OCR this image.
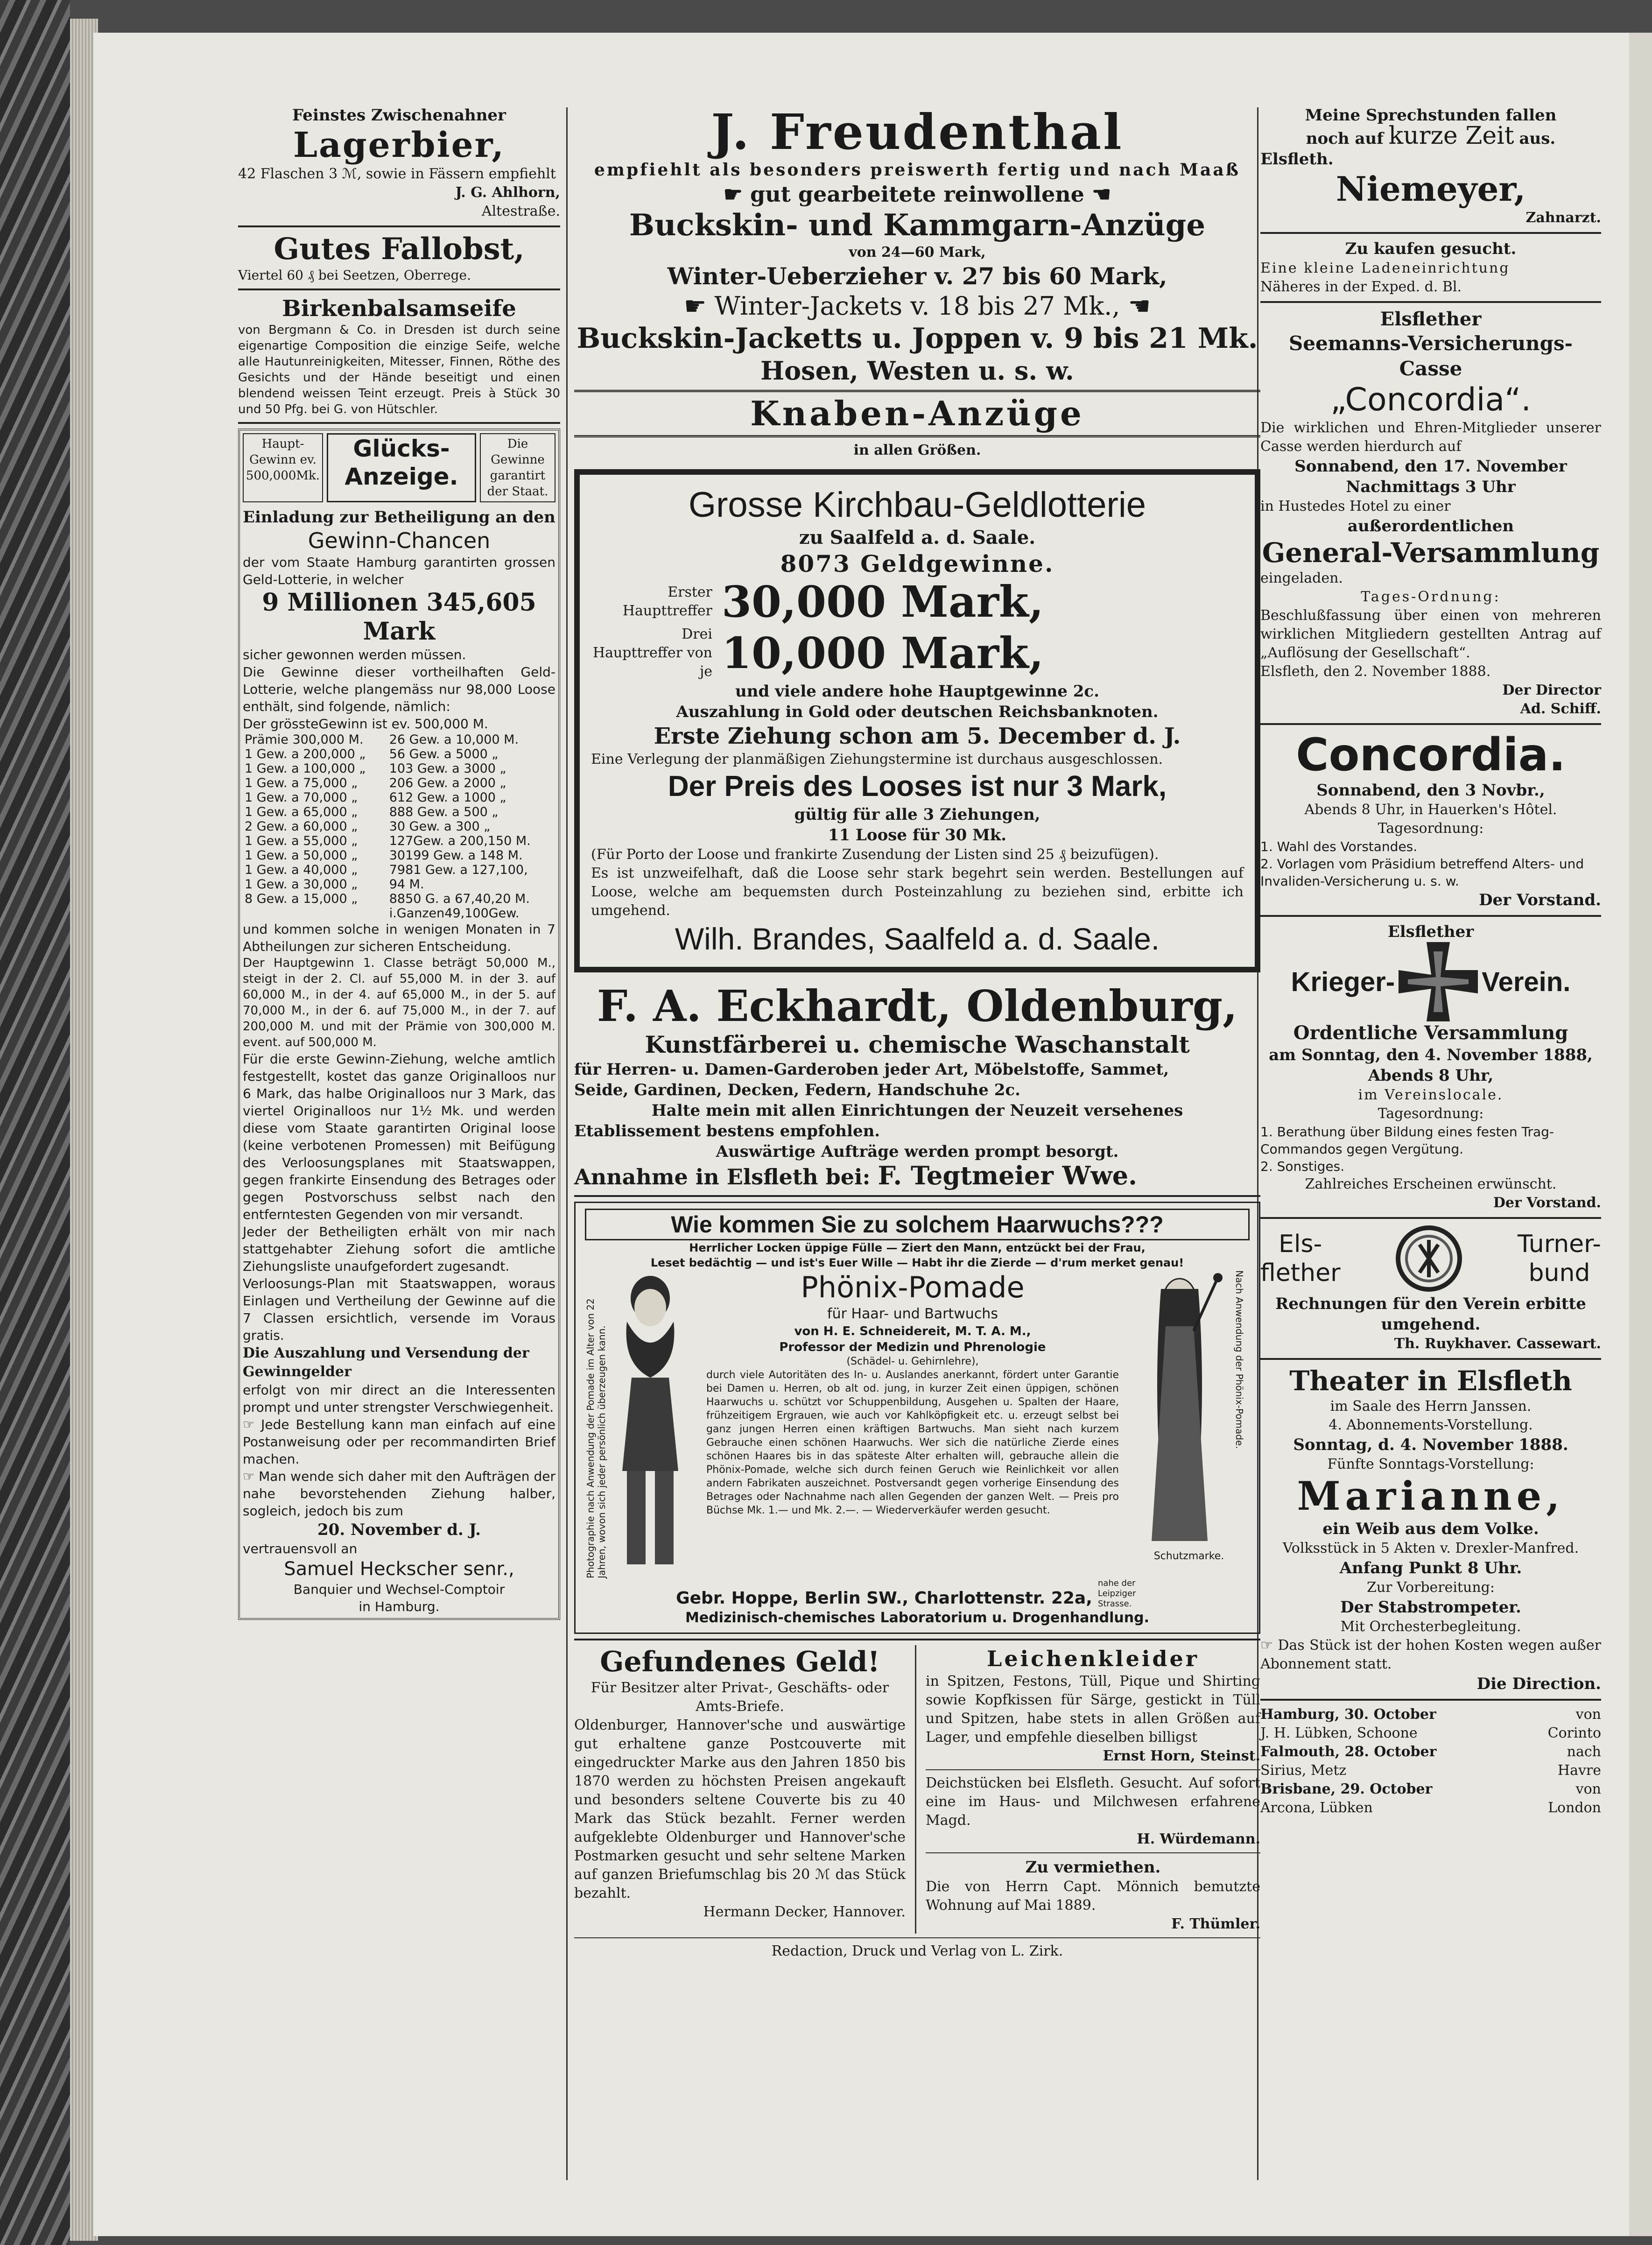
Feinstes Zwischenahner

Lagerbier,

42 Flaschen 3 ℳ, sowie in Fässern empfiehlt

J. G. Ahlhorn,

Altestraße.

Gutes Fallobst,

Viertel 60 ₰ bei Seetzen, Oberrege.

Birkenbalsamseife

von Bergmann & Co. in Dresden ist durch seine eigenartige Composition die einzige Seife, welche alle Hautunreinigkeiten, Mitesser, Finnen, Röthe des Gesichts und der Hände beseitigt und einen blendend weissen Teint erzeugt. Preis à Stück 30 und 50 Pfg. bei G. von Hütschler.

Haupt-Gewinn ev. 500,000Mk.
Glücks-
Anzeige.
Die Gewinne garantirt der Staat.

Einladung zur Betheiligung an den

Gewinn-Chancen

der vom Staate Hamburg garantirten grossen Geld-Lotterie, in welcher

9 Millionen 345,605 Mark

sicher gewonnen werden müssen.

Die Gewinne dieser vortheilhaften Geld-Lotterie, welche plangemäss nur 98,000 Loose enthält, sind folgende, nämlich:

Der grössteGewinn ist ev. 500,000 M.

Prämie 300,000 M.	26 Gew. a 10,000 M.
1 Gew. a 200,000 „	56 Gew. a 5000 „
1 Gew. a 100,000 „	103 Gew. a 3000 „
1 Gew. a 75,000 „	206 Gew. a 2000 „
1 Gew. a 70,000 „	612 Gew. a 1000 „
1 Gew. a 65,000 „	888 Gew. a 500 „
2 Gew. a 60,000 „	30 Gew. a 300 „
1 Gew. a 55,000 „	127Gew. a 200,150 M.
1 Gew. a 50,000 „	30199 Gew. a 148 M.
1 Gew. a 40,000 „	7981 Gew. a 127,100,
1 Gew. a 30,000 „	94 M.
8 Gew. a 15,000 „	8850 G. a 67,40,20 M.
	i.Ganzen49,100Gew.

und kommen solche in wenigen Monaten in 7 Abtheilungen zur sicheren Entscheidung.

Der Hauptgewinn 1. Classe beträgt 50,000 M., steigt in der 2. Cl. auf 55,000 M. in der 3. auf 60,000 M., in der 4. auf 65,000 M., in der 5. auf 70,000 M., in der 6. auf 75,000 M., in der 7. auf 200,000 M. und mit der Prämie von 300,000 M. event. auf 500,000 M.

Für die erste Gewinn-Ziehung, welche amtlich festgestellt, kostet das ganze Originalloos nur 6 Mark, das halbe Originalloos nur 3 Mark, das viertel Originalloos nur 1½ Mk. und werden diese vom Staate garantirten Original loose (keine verbotenen Promessen) mit Beifügung des Verloosungsplanes mit Staatswappen, gegen frankirte Einsendung des Betrages oder gegen Postvorschuss selbst nach den entferntesten Gegenden von mir versandt.

Jeder der Betheiligten erhält von mir nach stattgehabter Ziehung sofort die amtliche Ziehungsliste unaufgefordert zugesandt.

Verloosungs-Plan mit Staatswappen, woraus Einlagen und Vertheilung der Gewinne auf die 7 Classen ersichtlich, versende im Voraus gratis.

Die Auszahlung und Versendung der Gewinngelder

erfolgt von mir direct an die Interessenten prompt und unter strengster Verschwiegenheit.

☞ Jede Bestellung kann man einfach auf eine Postanweisung oder per recommandirten Brief machen.

☞ Man wende sich daher mit den Aufträgen der nahe bevorstehenden Ziehung halber, sogleich, jedoch bis zum

20. November d. J.

vertrauensvoll an

Samuel Heckscher senr.,

Banquier und Wechsel-Comptoir

in Hamburg.

J. Freudenthal

empfiehlt als besonders preiswerth fertig und nach Maaß

☛ gut gearbeitete reinwollene ☚

Buckskin- und Kammgarn-Anzüge

von 24—60 Mark,

Winter-Ueberzieher v. 27 bis 60 Mark,

☛ Winter-Jackets v. 18 bis 27 Mk., ☚

Buckskin-Jacketts u. Joppen v. 9 bis 21 Mk.

Hosen, Westen u. s. w.

Knaben-Anzüge

in allen Größen.

Grosse Kirchbau-Geldlotterie

zu Saalfeld a. d. Saale.

8073 Geldgewinne.

Erster Haupttreffer 30,000 Mark,

Drei Haupttreffer von je 10,000 Mark,

und viele andere hohe Hauptgewinne 2c.

Auszahlung in Gold oder deutschen Reichsbanknoten.

Erste Ziehung schon am 5. December d. J.

Eine Verlegung der planmäßigen Ziehungstermine ist durchaus ausgeschlossen.

Der Preis des Looses ist nur 3 Mark,

gültig für alle 3 Ziehungen,

11 Loose für 30 Mk.

(Für Porto der Loose und frankirte Zusendung der Listen sind 25 ₰ beizufügen).

Es ist unzweifelhaft, daß die Loose sehr stark begehrt sein werden. Bestellungen auf Loose, welche am bequemsten durch Posteinzahlung zu beziehen sind, erbitte ich umgehend.

Wilh. Brandes, Saalfeld a. d. Saale.

F. A. Eckhardt, Oldenburg,

Kunstfärberei u. chemische Waschanstalt

für Herren- u. Damen-Garderoben jeder Art, Möbelstoffe, Sammet,

Seide, Gardinen, Decken, Federn, Handschuhe 2c.

Halte mein mit allen Einrichtungen der Neuzeit versehenes

Etablissement bestens empfohlen.

Auswärtige Aufträge werden prompt besorgt.

Annahme in Elsfleth bei: F. Tegtmeier Wwe.

Wie kommen Sie zu solchem Haarwuchs???

Herrlicher Locken üppige Fülle — Ziert den Mann, entzückt bei der Frau,

Leset bedächtig — und ist's Euer Wille — Habt ihr die Zierde — d'rum merket genau!

Photographie nach Anwendung der Pomade im Alter von 22 Jahren, wovon sich jeder persönlich überzeugen kann.

Phönix-Pomade

für Haar- und Bartwuchs

von H. E. Schneidereit, M. T. A. M.,

Professor der Medizin und Phrenologie

(Schädel- u. Gehirnlehre),

durch viele Autoritäten des In- u. Auslandes anerkannt, fördert unter Garantie bei Damen u. Herren, ob alt od. jung, in kurzer Zeit einen üppigen, schönen Haarwuchs u. schützt vor Schuppenbildung, Ausgehen u. Spalten der Haare, frühzeitigem Ergrauen, wie auch vor Kahlköpfigkeit etc. u. erzeugt selbst bei ganz jungen Herren einen kräftigen Bartwuchs. Man sieht nach kurzem Gebrauche einen schönen Haarwuchs. Wer sich die natürliche Zierde eines schönen Haares bis in das späteste Alter erhalten will, gebrauche allein die Phönix-Pomade, welche sich durch feinen Geruch wie Reinlichkeit vor allen andern Fabrikaten auszeichnet. Postversandt gegen vorherige Einsendung des Betrages oder Nachnahme nach allen Gegenden der ganzen Welt. — Preis pro Büchse Mk. 1.— und Mk. 2.—. — Wiederverkäufer werden gesucht.

Nach Anwendung der Phönix-Pomade.

Schutzmarke.

Gebr. Hoppe, Berlin SW., Charlottenstr. 22a,

nahe der Leipziger Strasse.

Medizinisch-chemisches Laboratorium u. Drogenhandlung.

Gefundenes Geld!

Für Besitzer alter Privat-, Geschäfts- oder Amts-Briefe.

Oldenburger, Hannover'sche und auswärtige gut erhaltene ganze Postcouverte mit eingedruckter Marke aus den Jahren 1850 bis 1870 werden zu höchsten Preisen angekauft und besonders seltene Couverte bis zu 40 Mark das Stück bezahlt. Ferner werden aufgeklebte Oldenburger und Hannover'sche Postmarken gesucht und sehr seltene Marken auf ganzen Briefumschlag bis 20 ℳ das Stück bezahlt.

Hermann Decker, Hannover.

Leichenkleider

in Spitzen, Festons, Tüll, Pique und Shirting sowie Kopfkissen für Särge, gestickt in Tüll und Spitzen, habe stets in allen Größen auf Lager, und empfehle dieselben billigst

Ernst Horn, Steinst.

Deichstücken bei Elsfleth. Gesucht. Auf sofort eine im Haus- und Milchwesen erfahrene Magd.

H. Würdemann.

Zu vermiethen.

Die von Herrn Capt. Mönnich bemutzte Wohnung auf Mai 1889.

F. Thümler.

Redaction, Druck und Verlag von L. Zirk.

Meine Sprechstunden fallen

noch auf kurze Zeit aus.

Elsfleth.

Niemeyer,

Zahnarzt.

Zu kaufen gesucht.

Eine kleine Ladeneinrichtung

Näheres in der Exped. d. Bl.

Elsflether

Seemanns-Versicherungs-Casse

„Concordia“.

Die wirklichen und Ehren-Mitglieder unserer Casse werden hierdurch auf

Sonnabend, den 17. November

Nachmittags 3 Uhr

in Hustedes Hotel zu einer

außerordentlichen

General-Versammlung

eingeladen.

Tages-Ordnung:

Beschlußfassung über einen von mehreren wirklichen Mitgliedern gestellten Antrag auf „Auflösung der Gesellschaft“.

Elsfleth, den 2. November 1888.

Der Director

Ad. Schiff.

Concordia.

Sonnabend, den 3 Novbr.,

Abends 8 Uhr, in Hauerken's Hôtel.

Tagesordnung:

1. Wahl des Vorstandes.

2. Vorlagen vom Präsidium betreffend Alters- und Invaliden-Versicherung u. s. w.

Der Vorstand.

Elsflether

Krieger-	Verein.

Ordentliche Versammlung

am Sonntag, den 4. November 1888,

Abends 8 Uhr,

im Vereinslocale.

Tagesordnung:

1. Berathung über Bildung eines festen Trag-Commandos gegen Vergütung.

2. Sonstiges.

Zahlreiches Erscheinen erwünscht.

Der Vorstand.

Els-
flether

Turner-
bund

Rechnungen für den Verein erbitte umgehend.

Th. Ruykhaver. Cassewart.

Theater in Elsfleth

im Saale des Herrn Janssen.

4. Abonnements-Vorstellung.

Sonntag, d. 4. November 1888.

Fünfte Sonntags-Vorstellung:

Marianne,

ein Weib aus dem Volke.

Volksstück in 5 Akten v. Drexler-Manfred.

Anfang Punkt 8 Uhr.

Zur Vorbereitung:

Der Stabstrompeter.

Mit Orchesterbegleitung.

☞ Das Stück ist der hohen Kosten wegen außer Abonnement statt.

Die Direction.

Hamburg, 30. October	von
J. H. Lübken, Schoone	Corinto
Falmouth, 28. October	nach
Sirius, Metz	Havre
Brisbane, 29. October	von
Arcona, Lübken	London
